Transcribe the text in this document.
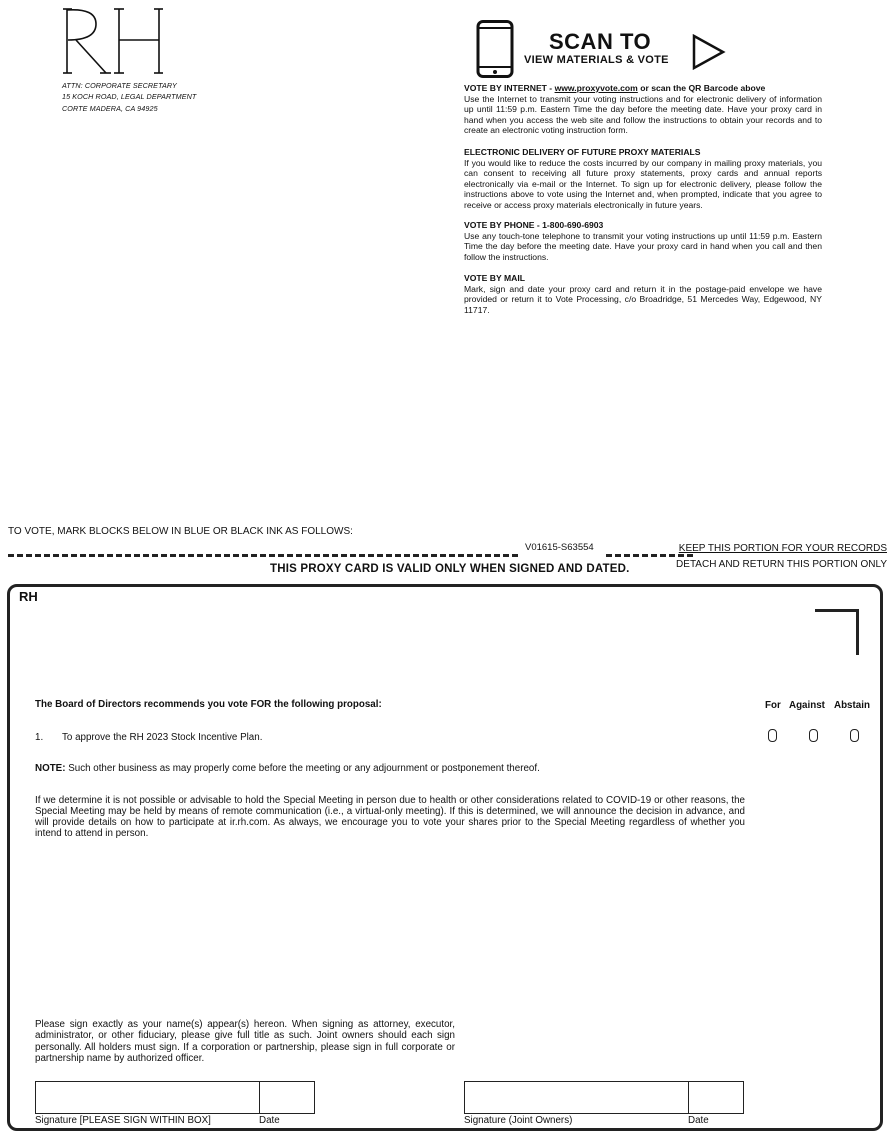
ATTN: CORPORATE SECRETARY
15 KOCH ROAD, LEGAL DEPARTMENT
CORTE MADERA, CA 94925
SCAN TO
VIEW MATERIALS & VOTE
VOTE BY INTERNET - www.proxyvote.com or scan the QR Barcode above

Use the Internet to transmit your voting instructions and for electronic delivery of information up until 11:59 p.m. Eastern Time the day before the meeting date. Have your proxy card in hand when you access the web site and follow the instructions to obtain your records and to create an electronic voting instruction form.

ELECTRONIC DELIVERY OF FUTURE PROXY MATERIALS

If you would like to reduce the costs incurred by our company in mailing proxy materials, you can consent to receiving all future proxy statements, proxy cards and annual reports electronically via e-mail or the Internet. To sign up for electronic delivery, please follow the instructions above to vote using the Internet and, when prompted, indicate that you agree to receive or access proxy materials electronically in future years.

VOTE BY PHONE - 1-800-690-6903

Use any touch-tone telephone to transmit your voting instructions up until 11:59 p.m. Eastern Time the day before the meeting date. Have your proxy card in hand when you call and then follow the instructions.

VOTE BY MAIL

Mark, sign and date your proxy card and return it in the postage-paid envelope we have provided or return it to Vote Processing, c/o Broadridge, 51 Mercedes Way, Edgewood, NY 11717.

TO VOTE, MARK BLOCKS BELOW IN BLUE OR BLACK INK AS FOLLOWS:
V01615-S63554	KEEP THIS PORTION FOR YOUR RECORDS
DETACH AND RETURN THIS PORTION ONLY
THIS PROXY CARD IS VALID ONLY WHEN SIGNED AND DATED.
RH
The Board of Directors recommends you vote FOR the following proposal:	For Against Abstain
1. To approve the RH 2023 Stock Incentive Plan.
NOTE: Such other business as may properly come before the meeting or any adjournment or postponement thereof.
If we determine it is not possible or advisable to hold the Special Meeting in person due to health or other considerations related to COVID-19 or other reasons, the Special Meeting may be held by means of remote communication (i.e., a virtual-only meeting). If this is determined, we will announce the decision in advance, and will provide details on how to participate at ir.rh.com. As always, we encourage you to vote your shares prior to the Special Meeting regardless of whether you intend to attend in person.
Please sign exactly as your name(s) appear(s) hereon. When signing as attorney, executor, administrator, or other fiduciary, please give full title as such. Joint owners should each sign personally. All holders must sign. If a corporation or partnership, please sign in full corporate or partnership name by authorized officer.
Signature [PLEASE SIGN WITHIN BOX]	Date	Signature (Joint Owners)	Date
